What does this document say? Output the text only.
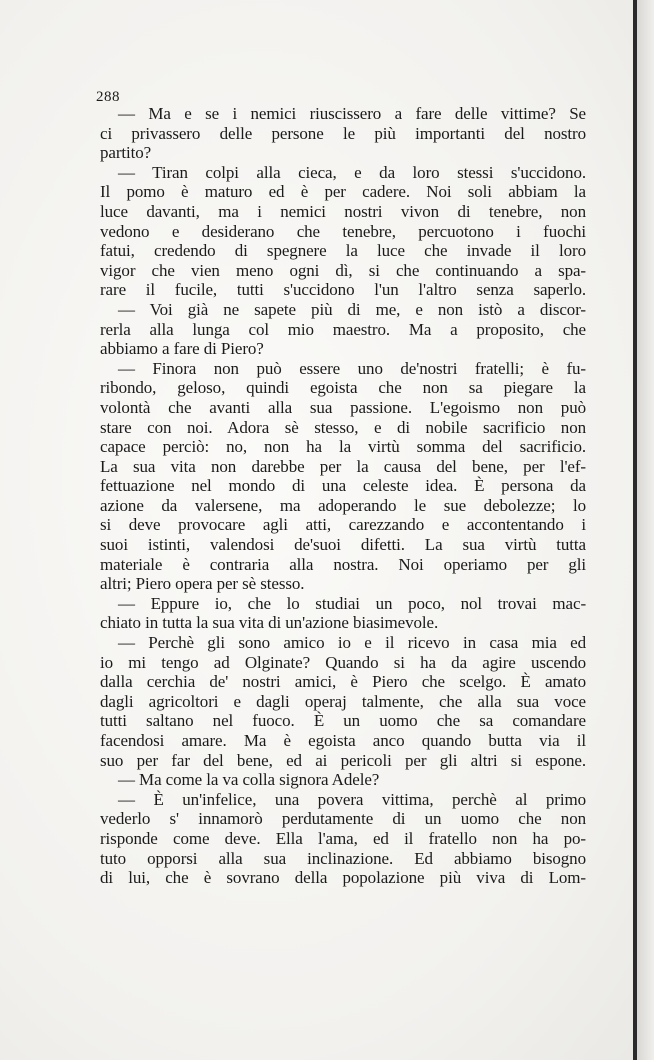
288
— Ma e se i nemici riuscissero a fare delle vittime? Se
ci privassero delle persone le più importanti del nostro
partito?
— Tiran colpi alla cieca, e da loro stessi s'uccidono.
Il pomo è maturo ed è per cadere. Noi soli abbiam la
luce davanti, ma i nemici nostri vivon di tenebre, non
vedono e desiderano che tenebre, percuotono i fuochi
fatui, credendo di spegnere la luce che invade il loro
vigor che vien meno ogni dì, si che continuando a spa-
rare il fucile, tutti s'uccidono l'un l'altro senza saperlo.
— Voi già ne sapete più di me, e non istò a discor-
rerla alla lunga col mio maestro. Ma a proposito, che
abbiamo a fare di Piero?
— Finora non può essere uno de'nostri fratelli; è fu-
ribondo, geloso, quindi egoista che non sa piegare la
volontà che avanti alla sua passione. L'egoismo non può
stare con noi. Adora sè stesso, e di nobile sacrificio non
capace perciò: no, non ha la virtù somma del sacrificio.
La sua vita non darebbe per la causa del bene, per l'ef-
fettuazione nel mondo di una celeste idea. È persona da
azione da valersene, ma adoperando le sue debolezze; lo
si deve provocare agli atti, carezzando e accontentando i
suoi istinti, valendosi de'suoi difetti. La sua virtù tutta
materiale è contraria alla nostra. Noi operiamo per gli
altri; Piero opera per sè stesso.
— Eppure io, che lo studiai un poco, nol trovai mac-
chiato in tutta la sua vita di un'azione biasimevole.
— Perchè gli sono amico io e il ricevo in casa mia ed
io mi tengo ad Olginate? Quando si ha da agire uscendo
dalla cerchia de' nostri amici, è Piero che scelgo. È amato
dagli agricoltori e dagli operaj talmente, che alla sua voce
tutti saltano nel fuoco. È un uomo che sa comandare
facendosi amare. Ma è egoista anco quando butta via il
suo per far del bene, ed ai pericoli per gli altri si espone.
— Ma come la va colla signora Adele?
— È un'infelice, una povera vittima, perchè al primo
vederlo s' innamorò perdutamente di un uomo che non
risponde come deve. Ella l'ama, ed il fratello non ha po-
tuto opporsi alla sua inclinazione. Ed abbiamo bisogno
di lui, che è sovrano della popolazione più viva di Lom-
